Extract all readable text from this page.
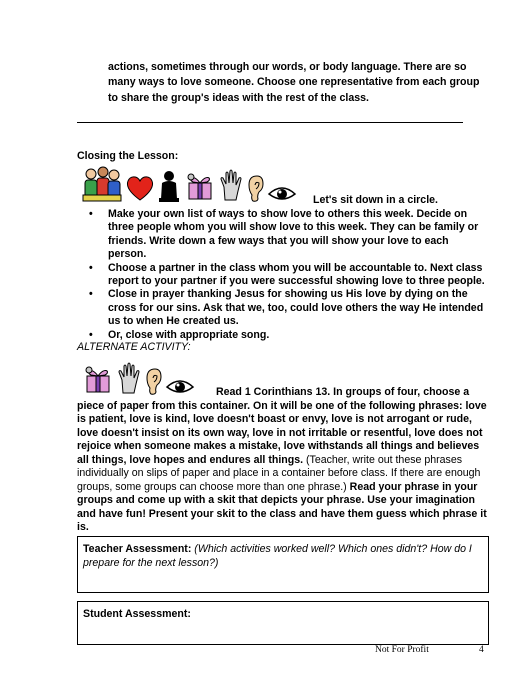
actions, sometimes through our words, or body language. There are so many ways to love someone. Choose one representative from each group to share the group's ideas with the rest of the class.
Closing the Lesson:
Let's sit down in a circle.
• Make your own list of ways to show love to others this week. Decide on three people whom you will show love to this week. They can be family or friends. Write down a few ways that you will show your love to each person.
• Choose a partner in the class whom you will be accountable to. Next class report to your partner if you were successful showing love to three people.
• Close in prayer thanking Jesus for showing us His love by dying on the cross for our sins. Ask that we, too, could love others the way He intended us to when He created us.
• Or, close with appropriate song.
ALTERNATE ACTIVITY:
Read 1 Corinthians 13. In groups of four, choose a piece of paper from this container. On it will be one of the following phrases: love is patient, love is kind, love doesn't boast or envy, love is not arrogant or rude, love doesn't insist on its own way, love in not irritable or resentful, love does not rejoice when someone makes a mistake, love withstands all things and believes all things, love hopes and endures all things. (Teacher, write out these phrases individually on slips of paper and place in a container before class. If there are enough groups, some groups can choose more than one phrase.) Read your phrase in your groups and come up with a skit that depicts your phrase. Use your imagination and have fun! Present your skit to the class and have them guess which phrase it is.
Teacher Assessment: (Which activities worked well? Which ones didn't? How do I prepare for the next lesson?)
Student Assessment:
Not For Profit	4
